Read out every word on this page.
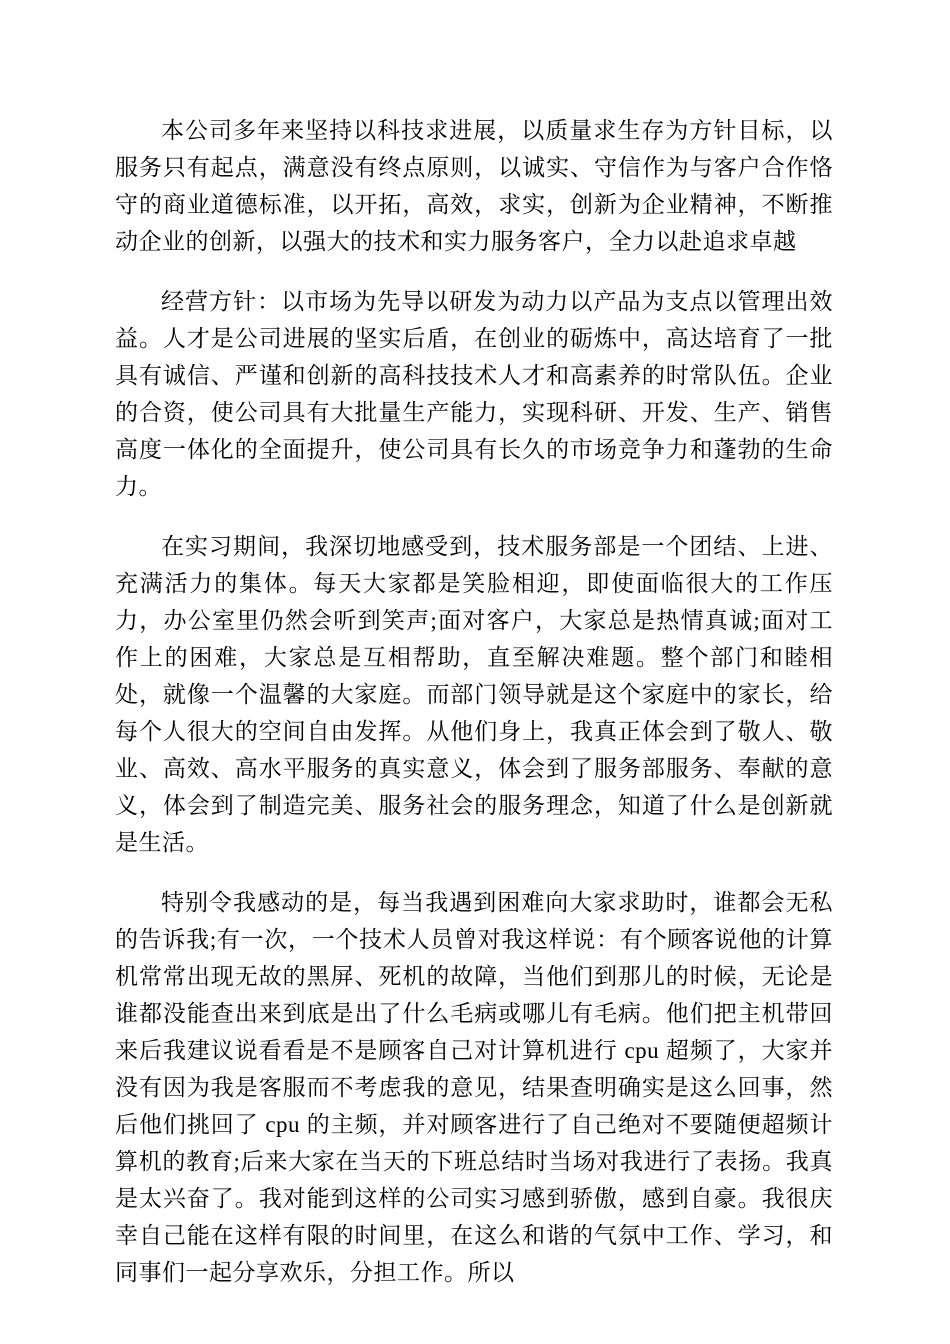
本公司多年来坚持以科技求进展，以质量求生存为方针目标，以服务只有起点，满意没有终点原则，以诚实、守信作为与客户合作恪守的商业道德标准，以开拓，高效，求实，创新为企业精神，不断推动企业的创新，以强大的技术和实力服务客户，全力以赴追求卓越

经营方针：以市场为先导以研发为动力以产品为支点以管理出效益。人才是公司进展的坚实后盾，在创业的砺炼中，高达培育了一批具有诚信、严谨和创新的高科技技术人才和高素养的时常队伍。企业的合资，使公司具有大批量生产能力，实现科研、开发、生产、销售高度一体化的全面提升，使公司具有长久的市场竞争力和蓬勃的生命力。

在实习期间，我深切地感受到，技术服务部是一个团结、上进、充满活力的集体。每天大家都是笑脸相迎，即使面临很大的工作压力，办公室里仍然会听到笑声;面对客户，大家总是热情真诚;面对工作上的困难，大家总是互相帮助，直至解决难题。整个部门和睦相处，就像一个温馨的大家庭。而部门领导就是这个家庭中的家长，给每个人很大的空间自由发挥。从他们身上，我真正体会到了敬人、敬业、高效、高水平服务的真实意义，体会到了服务部服务、奉献的意义，体会到了制造完美、服务社会的服务理念，知道了什么是创新就是生活。

特别令我感动的是，每当我遇到困难向大家求助时，谁都会无私的告诉我;有一次，一个技术人员曾对我这样说：有个顾客说他的计算机常常出现无故的黑屏、死机的故障，当他们到那儿的时候，无论是谁都没能查出来到底是出了什么毛病或哪儿有毛病。他们把主机带回来后我建议说看看是不是顾客自己对计算机进行 cpu 超频了，大家并没有因为我是客服而不考虑我的意见，结果查明确实是这么回事，然后他们挑回了 cpu 的主频，并对顾客进行了自己绝对不要随便超频计算机的教育;后来大家在当天的下班总结时当场对我进行了表扬。我真是太兴奋了。我对能到这样的公司实习感到骄傲，感到自豪。我很庆幸自己能在这样有限的时间里，在这么和谐的气氛中工作、学习，和同事们一起分享欢乐，分担工作。所以
